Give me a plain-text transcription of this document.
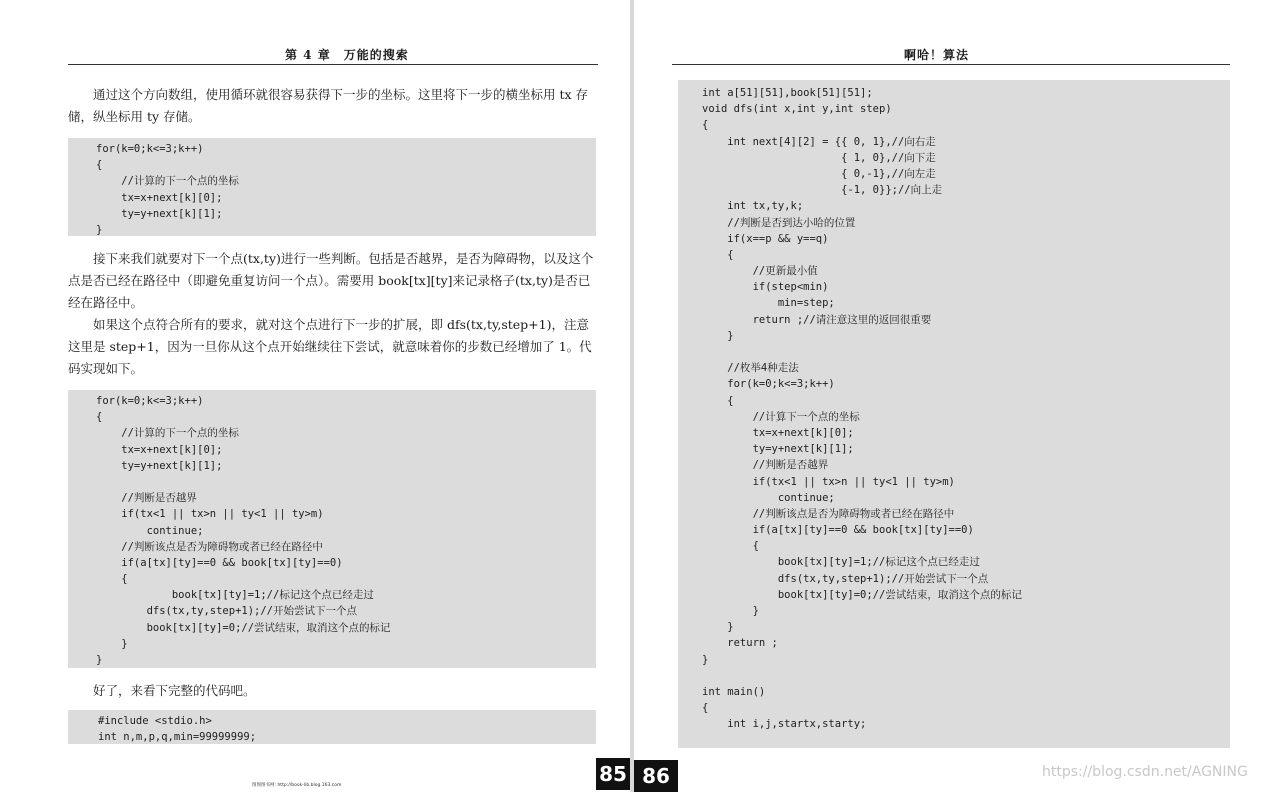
第 4 章　万能的搜索

通过这个方向数组，使用循环就很容易获得下一步的坐标。这里将下一步的横坐标用 tx 存储，纵坐标用 ty 存储。

for(k=0;k<=3;k++)
{
//计算的下一个点的坐标
tx=x+next[k][0];
ty=y+next[k][1];
}

接下来我们就要对下一个点(tx,ty)进行一些判断。包括是否越界，是否为障碍物，以及这个点是否已经在路径中（即避免重复访问一个点）。需要用 book[tx][ty]来记录格子(tx,ty)是否已经在路径中。

如果这个点符合所有的要求，就对这个点进行下一步的扩展，即 dfs(tx,ty,step+1)，注意这里是 step+1，因为一旦你从这个点开始继续往下尝试，就意味着你的步数已经增加了 1。代码实现如下。

for(k=0;k<=3;k++)
{
//计算的下一个点的坐标
tx=x+next[k][0];
ty=y+next[k][1];
//判断是否越界
if(tx<1 || tx>n || ty<1 || ty>m)
continue;
//判断该点是否为障碍物或者已经在路径中
if(a[tx][ty]==0 && book[tx][ty]==0)
{
book[tx][ty]=1;//标记这个点已经走过
dfs(tx,ty,step+1);//开始尝试下一个点
book[tx][ty]=0;//尝试结束，取消这个点的标记
}
}

好了，来看下完整的代码吧。

#include <stdio.h>
int n,m,p,q,min=99999999;
图图图书网: http://book-lib.blog.163.com	85
啊哈！算法
int a[51][51],book[51][51];
void dfs(int x,int y,int step)
{
int next[4][2] = {{ 0, 1},//向右走
{ 1, 0},//向下走
{ 0,-1},//向左走
{-1, 0}};//向上走
int tx,ty,k;
//判断是否到达小哈的位置
if(x==p && y==q)
{
//更新最小值
if(step<min)
min=step;
return ;//请注意这里的返回很重要
}
//枚举4种走法
for(k=0;k<=3;k++)
{
//计算下一个点的坐标
tx=x+next[k][0];
ty=y+next[k][1];
//判断是否越界
if(tx<1 || tx>n || ty<1 || ty>m)
continue;
//判断该点是否为障碍物或者已经在路径中
if(a[tx][ty]==0 && book[tx][ty]==0)
{
book[tx][ty]=1;//标记这个点已经走过
dfs(tx,ty,step+1);//开始尝试下一个点
book[tx][ty]=0;//尝试结束，取消这个点的标记
}
}
return ;
}
int main()
{
int i,j,startx,starty;
86	https://blog.csdn.net/AGNING
